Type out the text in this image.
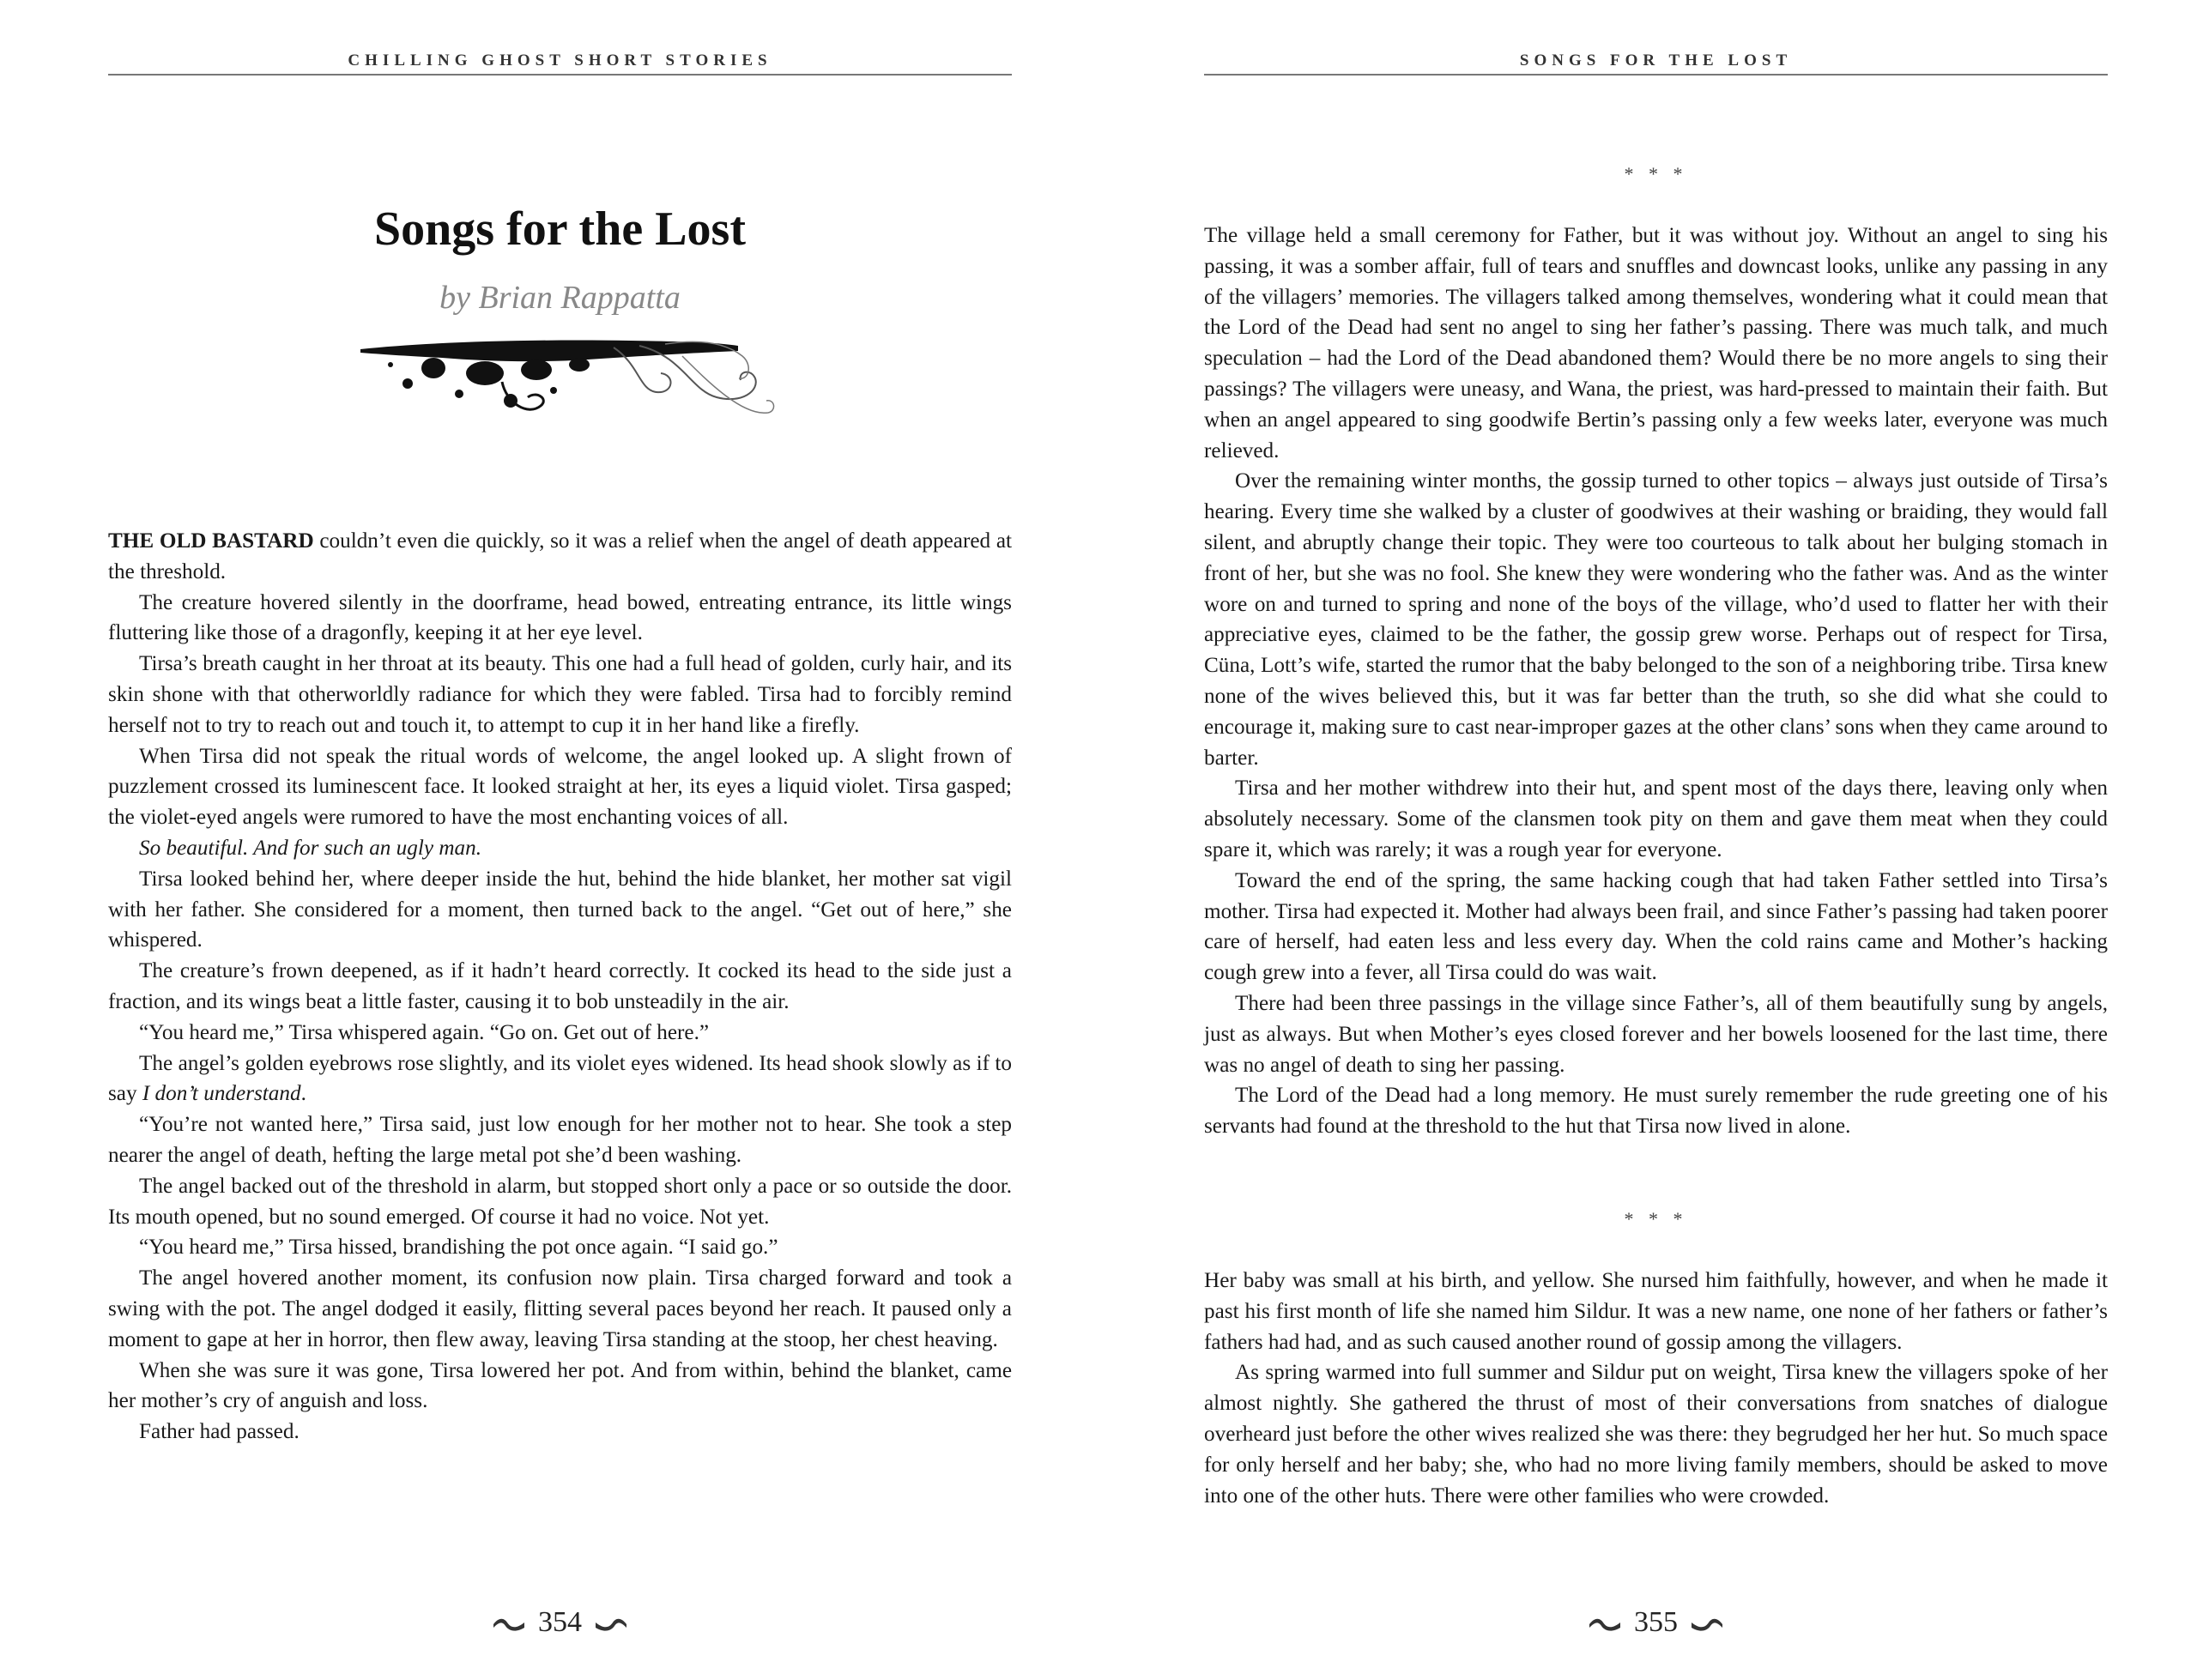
CHILLING GHOST SHORT STORIES
Songs for the Lost
by Brian Rappatta

THE OLD BASTARD couldn’t even die quickly, so it was a relief when the angel of death appeared at the threshold.

The creature hovered silently in the doorframe, head bowed, entreating entrance, its little wings fluttering like those of a dragonfly, keeping it at her eye level.

Tirsa’s breath caught in her throat at its beauty. This one had a full head of golden, curly hair, and its skin shone with that otherworldly radiance for which they were fabled. Tirsa had to forcibly remind herself not to try to reach out and touch it, to attempt to cup it in her hand like a firefly.

When Tirsa did not speak the ritual words of welcome, the angel looked up. A slight frown of puzzlement crossed its luminescent face. It looked straight at her, its eyes a liquid violet. Tirsa gasped; the violet-eyed angels were rumored to have the most enchanting voices of all.

So beautiful. And for such an ugly man.

Tirsa looked behind her, where deeper inside the hut, behind the hide blanket, her mother sat vigil with her father. She considered for a moment, then turned back to the angel. “Get out of here,” she whispered.

The creature’s frown deepened, as if it hadn’t heard correctly. It cocked its head to the side just a fraction, and its wings beat a little faster, causing it to bob unsteadily in the air.

“You heard me,” Tirsa whispered again. “Go on. Get out of here.”

The angel’s golden eyebrows rose slightly, and its violet eyes widened. Its head shook slowly as if to say I don’t understand.

“You’re not wanted here,” Tirsa said, just low enough for her mother not to hear. She took a step nearer the angel of death, hefting the large metal pot she’d been washing.

The angel backed out of the threshold in alarm, but stopped short only a pace or so outside the door. Its mouth opened, but no sound emerged. Of course it had no voice. Not yet.

“You heard me,” Tirsa hissed, brandishing the pot once again. “I said go.”

The angel hovered another moment, its confusion now plain. Tirsa charged forward and took a swing with the pot. The angel dodged it easily, flitting several paces beyond her reach. It paused only a moment to gape at her in horror, then flew away, leaving Tirsa standing at the stoop, her chest heaving.

When she was sure it was gone, Tirsa lowered her pot. And from within, behind the blanket, came her mother’s cry of anguish and loss.

Father had passed.

354
SONGS FOR THE LOST
* * *

The village held a small ceremony for Father, but it was without joy. Without an angel to sing his passing, it was a somber affair, full of tears and snuffles and downcast looks, unlike any passing in any of the villagers’ memories. The villagers talked among themselves, wondering what it could mean that the Lord of the Dead had sent no angel to sing her father’s passing. There was much talk, and much speculation – had the Lord of the Dead abandoned them? Would there be no more angels to sing their passings? The villagers were uneasy, and Wana, the priest, was hard-pressed to maintain their faith. But when an angel appeared to sing goodwife Bertin’s passing only a few weeks later, everyone was much relieved.

Over the remaining winter months, the gossip turned to other topics – always just outside of Tirsa’s hearing. Every time she walked by a cluster of goodwives at their washing or braiding, they would fall silent, and abruptly change their topic. They were too courteous to talk about her bulging stomach in front of her, but she was no fool. She knew they were wondering who the father was. And as the winter wore on and turned to spring and none of the boys of the village, who’d used to flatter her with their appreciative eyes, claimed to be the father, the gossip grew worse. Perhaps out of respect for Tirsa, Cüna, Lott’s wife, started the rumor that the baby belonged to the son of a neighboring tribe. Tirsa knew none of the wives believed this, but it was far better than the truth, so she did what she could to encourage it, making sure to cast near-improper gazes at the other clans’ sons when they came around to barter.

Tirsa and her mother withdrew into their hut, and spent most of the days there, leaving only when absolutely necessary. Some of the clansmen took pity on them and gave them meat when they could spare it, which was rarely; it was a rough year for everyone.

Toward the end of the spring, the same hacking cough that had taken Father settled into Tirsa’s mother. Tirsa had expected it. Mother had always been frail, and since Father’s passing had taken poorer care of herself, had eaten less and less every day. When the cold rains came and Mother’s hacking cough grew into a fever, all Tirsa could do was wait.

There had been three passings in the village since Father’s, all of them beautifully sung by angels, just as always. But when Mother’s eyes closed forever and her bowels loosened for the last time, there was no angel of death to sing her passing.

The Lord of the Dead had a long memory. He must surely remember the rude greeting one of his servants had found at the threshold to the hut that Tirsa now lived in alone.

* * *

Her baby was small at his birth, and yellow. She nursed him faithfully, however, and when he made it past his first month of life she named him Sildur. It was a new name, one none of her fathers or father’s fathers had had, and as such caused another round of gossip among the villagers.

As spring warmed into full summer and Sildur put on weight, Tirsa knew the villagers spoke of her almost nightly. She gathered the thrust of most of their conversations from snatches of dialogue overheard just before the other wives realized she was there: they begrudged her her hut. So much space for only herself and her baby; she, who had no more living family members, should be asked to move into one of the other huts. There were other families who were crowded.

355
